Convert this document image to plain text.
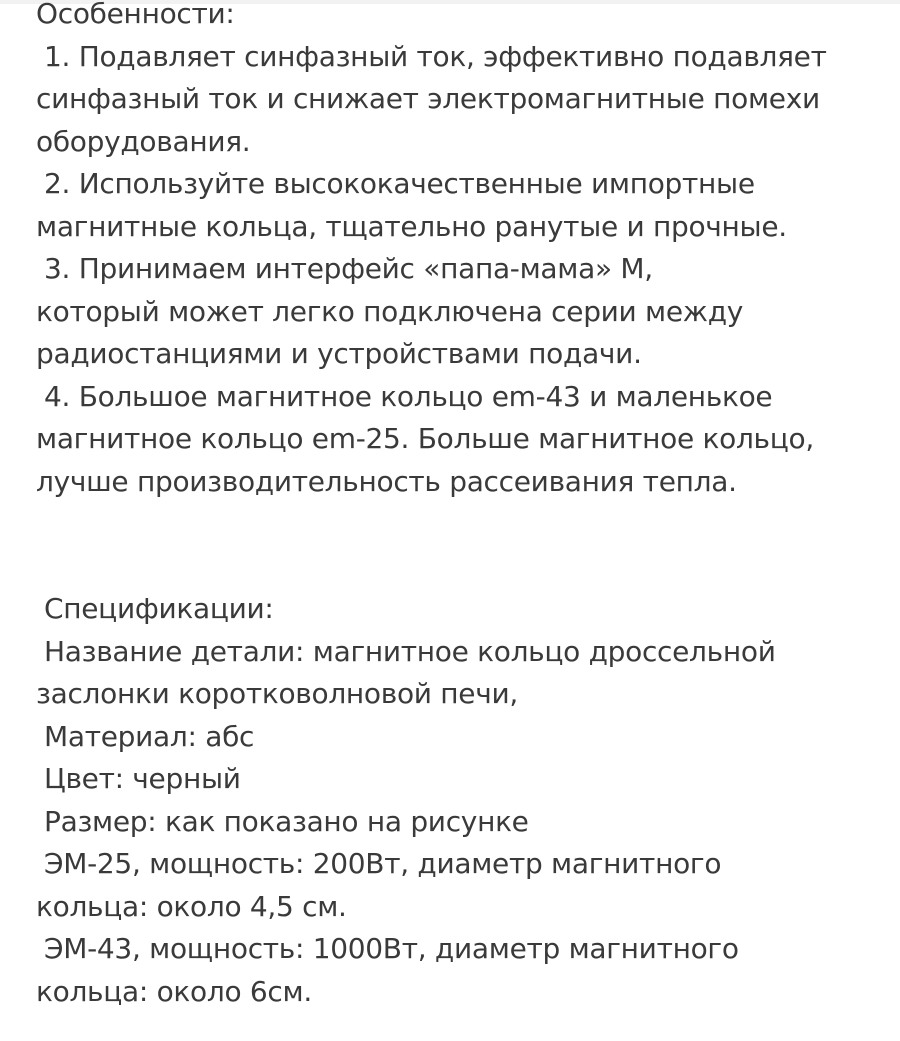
Особенности:
1. Подавляет синфазный ток, эффективно подавляет
синфазный ток и снижает электромагнитные помехи
оборудования.
2. Используйте высококачественные импортные
магнитные кольца, тщательно ранутые и прочные.
3. Принимаем интерфейс «папа-мама» M,
который может легко подключена серии между
радиостанциями и устройствами подачи.
4. Большое магнитное кольцо em-43 и маленькое
магнитное кольцо em-25. Больше магнитное кольцо,
лучше производительность рассеивания тепла.
Спецификации:
Название детали: магнитное кольцо дроссельной
заслонки коротковолновой печи,
Материал: абс
Цвет: черный
Размер: как показано на рисунке
ЭМ-25, мощность: 200Вт, диаметр магнитного
кольца: около 4,5 см.
ЭМ-43, мощность: 1000Вт, диаметр магнитного
кольца: около 6см.
